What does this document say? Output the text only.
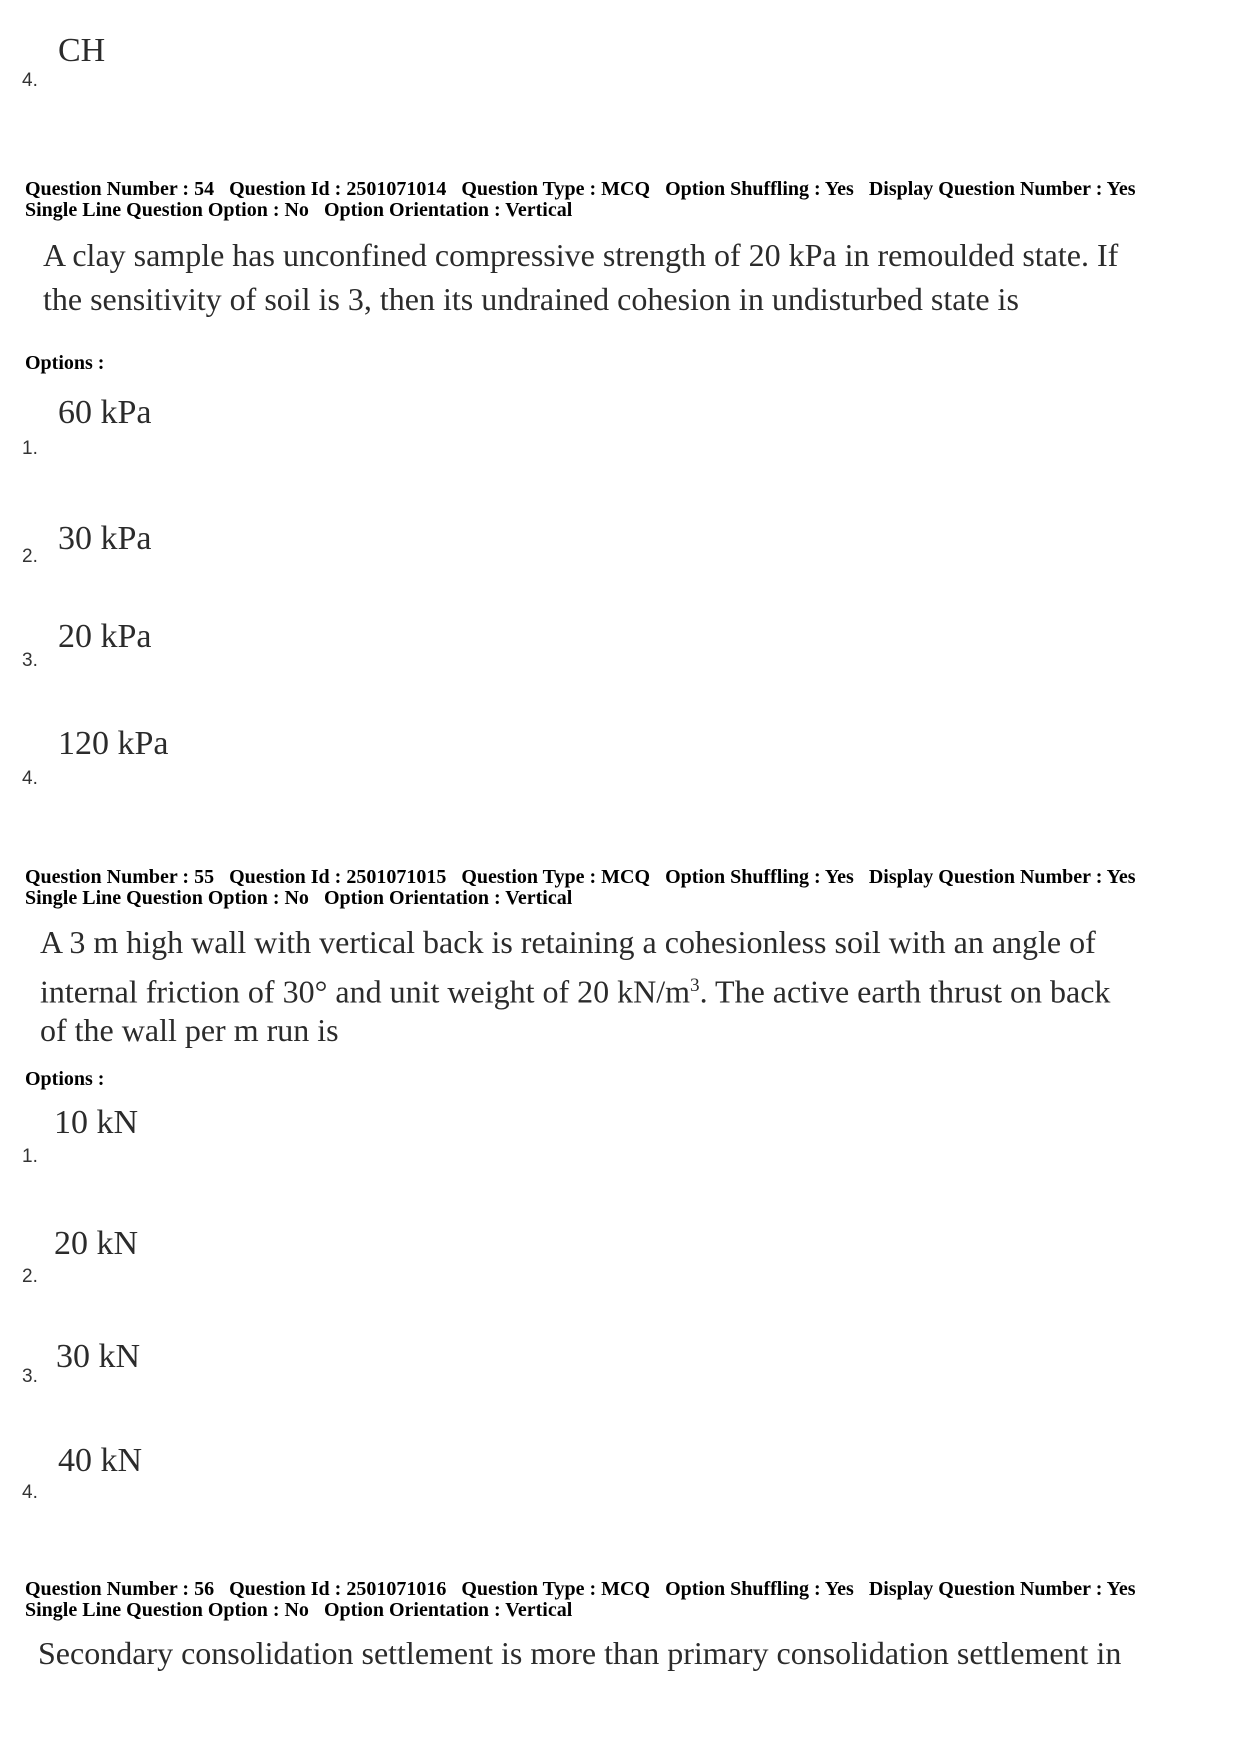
CH
4.
Question Number : 54 Question Id : 2501071014 Question Type : MCQ Option Shuffling : Yes Display Question Number : Yes
Single Line Question Option : No Option Orientation : Vertical
A clay sample has unconfined compressive strength of 20 kPa in remoulded state. If
the sensitivity of soil is 3, then its undrained cohesion in undisturbed state is
Options :
60 kPa
1.
30 kPa
2.
20 kPa
3.
120 kPa
4.
Question Number : 55 Question Id : 2501071015 Question Type : MCQ Option Shuffling : Yes Display Question Number : Yes
Single Line Question Option : No Option Orientation : Vertical
A 3 m high wall with vertical back is retaining a cohesionless soil with an angle of
internal friction of 30° and unit weight of 20 $kN/m^3$. The active earth thrust on back
of the wall per m run is
Options :
10 kN
1.
20 kN
2.
30 kN
3.
40 kN
4.
Question Number : 56 Question Id : 2501071016 Question Type : MCQ Option Shuffling : Yes Display Question Number : Yes
Single Line Question Option : No Option Orientation : Vertical
Secondary consolidation settlement is more than primary consolidation settlement in
